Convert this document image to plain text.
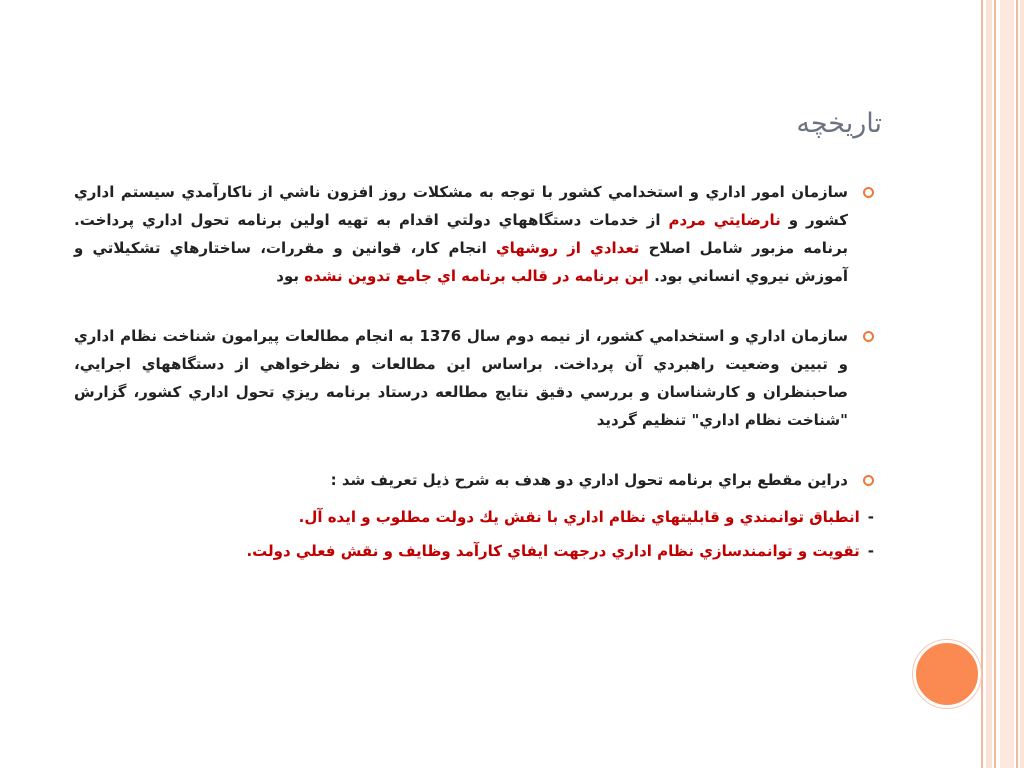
تاريخچه

سازمان امور اداري و استخدامي كشور با توجه به مشكلات روز افزون ناشي از ناكارآمدي سيستم اداري كشور و نارضايتي مردم از خدمات دستگاههاي دولتي اقدام به تهيه اولين برنامه تحول اداري پرداخت. برنامه مزبور شامل اصلاح تعدادي از روشهاي انجام كار، قوانين و مقررات، ساختارهاي تشكيلاتي و آموزش نيروي انساني بود. اين برنامه در قالب برنامه اي جامع تدوين نشده بود

سازمان اداري و استخدامي كشور، از نيمه دوم سال 1376 به انجام مطالعات پيرامون شناخت نظام اداري و تبيين وضعيت راهبردي آن پرداخت. براساس اين مطالعات و نظرخواهي از دستگاههاي اجرايي، صاحبنظران و كارشناسان و بررسي دقيق نتايج مطالعه درستاد برنامه ريزي تحول اداري كشور، گزارش "شناخت نظام اداري" تنظيم گرديد

دراين مقطع براي برنامه تحول اداري دو هدف به شرح ذيل تعريف شد :

-انطباق توانمندي و قابليتهاي نظام اداري با نقش يك دولت مطلوب و ايده آل.

-تقويت و توانمندسازي نظام اداري درجهت ايفاي كارآمد وظايف و نقش فعلي دولت.
